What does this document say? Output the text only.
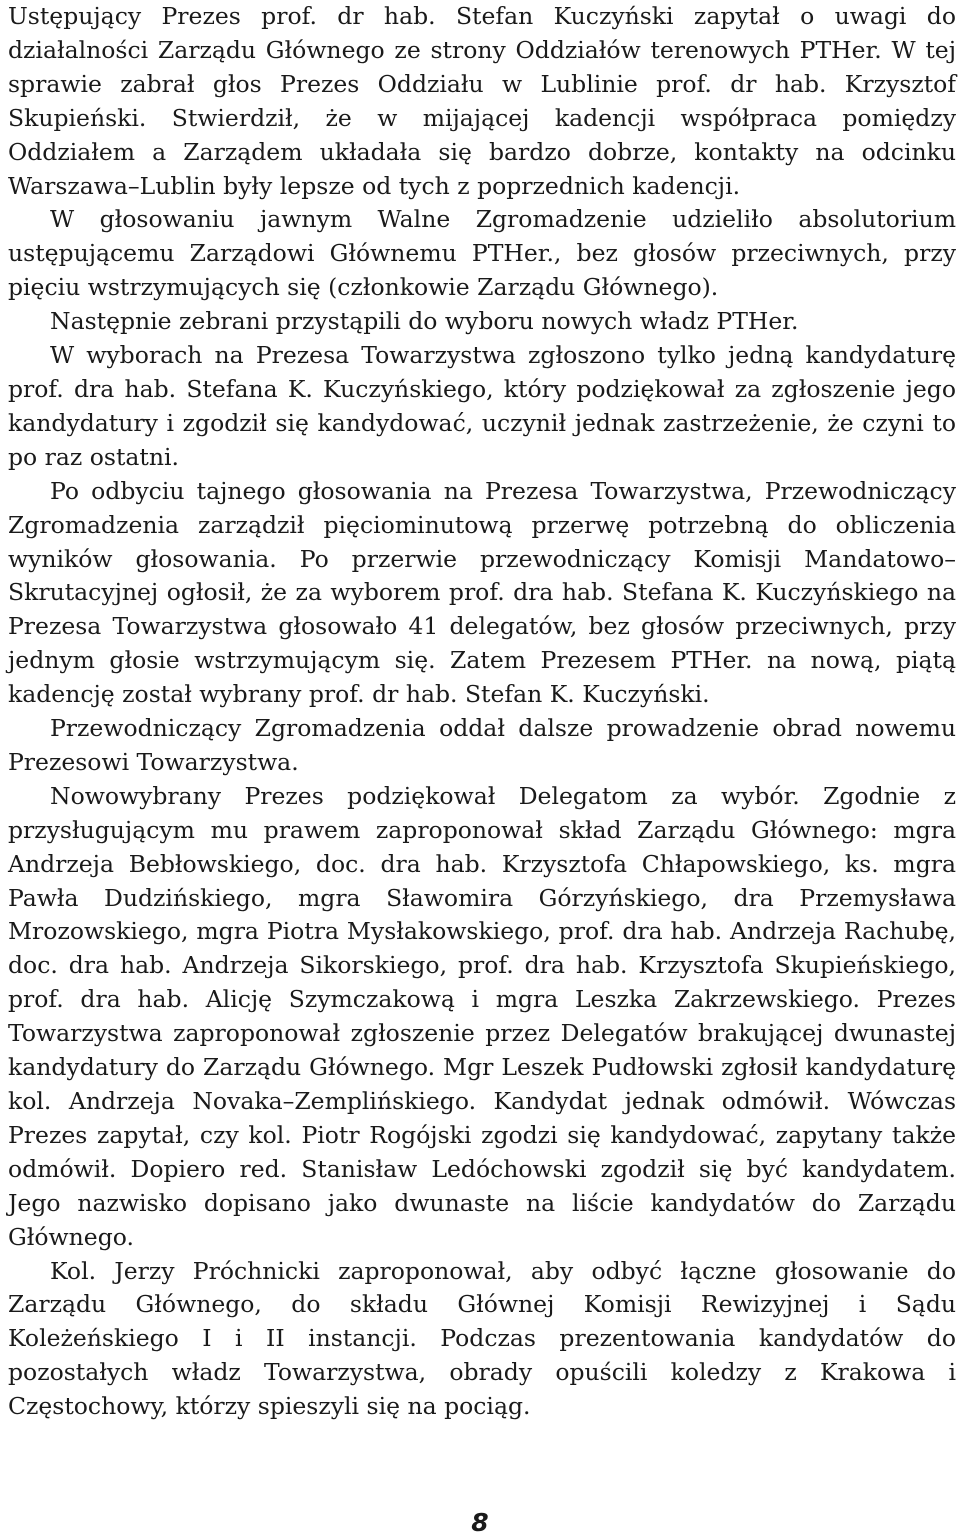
Ustępujący Prezes prof. dr hab. Stefan Kuczyński zapytał o uwagi do działalności Zarządu Głównego ze strony Oddziałów terenowych PTHer. W tej sprawie zabrał głos Prezes Oddziału w Lublinie prof. dr hab. Krzysztof Skupieński. Stwierdził, że w mijającej kadencji współpraca pomiędzy Oddziałem a Zarządem układała się bardzo dobrze, kontakty na odcinku Warszawa–Lublin były lepsze od tych z poprzednich kadencji.

W głosowaniu jawnym Walne Zgromadzenie udzieliło absolutorium ustępującemu Zarządowi Głównemu PTHer., bez głosów przeciwnych, przy pięciu wstrzymujących się (członkowie Zarządu Głównego).

Następnie zebrani przystąpili do wyboru nowych władz PTHer.

W wyborach na Prezesa Towarzystwa zgłoszono tylko jedną kandydaturę prof. dra hab. Stefana K. Kuczyńskiego, który podziękował za zgłoszenie jego kandydatury i zgodził się kandydować, uczynił jednak zastrzeżenie, że czyni to po raz ostatni.

Po odbyciu tajnego głosowania na Prezesa Towarzystwa, Przewodniczący Zgromadzenia zarządził pięciominutową przerwę potrzebną do obliczenia wyników głosowania. Po przerwie przewodniczący Komisji Mandatowo–Skrutacyjnej ogłosił, że za wyborem prof. dra hab. Stefana K. Kuczyńskiego na Prezesa Towarzystwa głosowało 41 delegatów, bez głosów przeciwnych, przy jednym głosie wstrzymującym się. Zatem Prezesem PTHer. na nową, piątą kadencję został wybrany prof. dr hab. Stefan K. Kuczyński.

Przewodniczący Zgromadzenia oddał dalsze prowadzenie obrad nowemu Prezesowi Towarzystwa.

Nowowybrany Prezes podziękował Delegatom za wybór. Zgodnie z przysługującym mu prawem zaproponował skład Zarządu Głównego: mgra Andrzeja Bebłowskiego, doc. dra hab. Krzysztofa Chłapowskiego, ks. mgra Pawła Dudzińskiego, mgra Sławomira Górzyńskiego, dra Przemysława Mrozowskiego, mgra Piotra Mysłakowskiego, prof. dra hab. Andrzeja Rachubę, doc. dra hab. Andrzeja Sikorskiego, prof. dra hab. Krzysztofa Skupieńskiego, prof. dra hab. Alicję Szymczakową i mgra Leszka Zakrzewskiego. Prezes Towarzystwa zaproponował zgłoszenie przez Delegatów brakującej dwunastej kandydatury do Zarządu Głównego. Mgr Leszek Pudłowski zgłosił kandydaturę kol. Andrzeja Novaka–Zemplińskiego. Kandydat jednak odmówił. Wówczas Prezes zapytał, czy kol. Piotr Rogójski zgodzi się kandydować, zapytany także odmówił. Dopiero red. Stanisław Ledóchowski zgodził się być kandydatem. Jego nazwisko dopisano jako dwunaste na liście kandydatów do Zarządu Głównego.

Kol. Jerzy Próchnicki zaproponował, aby odbyć łączne głosowanie do Zarządu Głównego, do składu Głównej Komisji Rewizyjnej i Sądu Koleżeńskiego I i II instancji. Podczas prezentowania kandydatów do pozostałych władz Towarzystwa, obrady opuścili koledzy z Krakowa i Częstochowy, którzy spieszyli się na pociąg.

8
